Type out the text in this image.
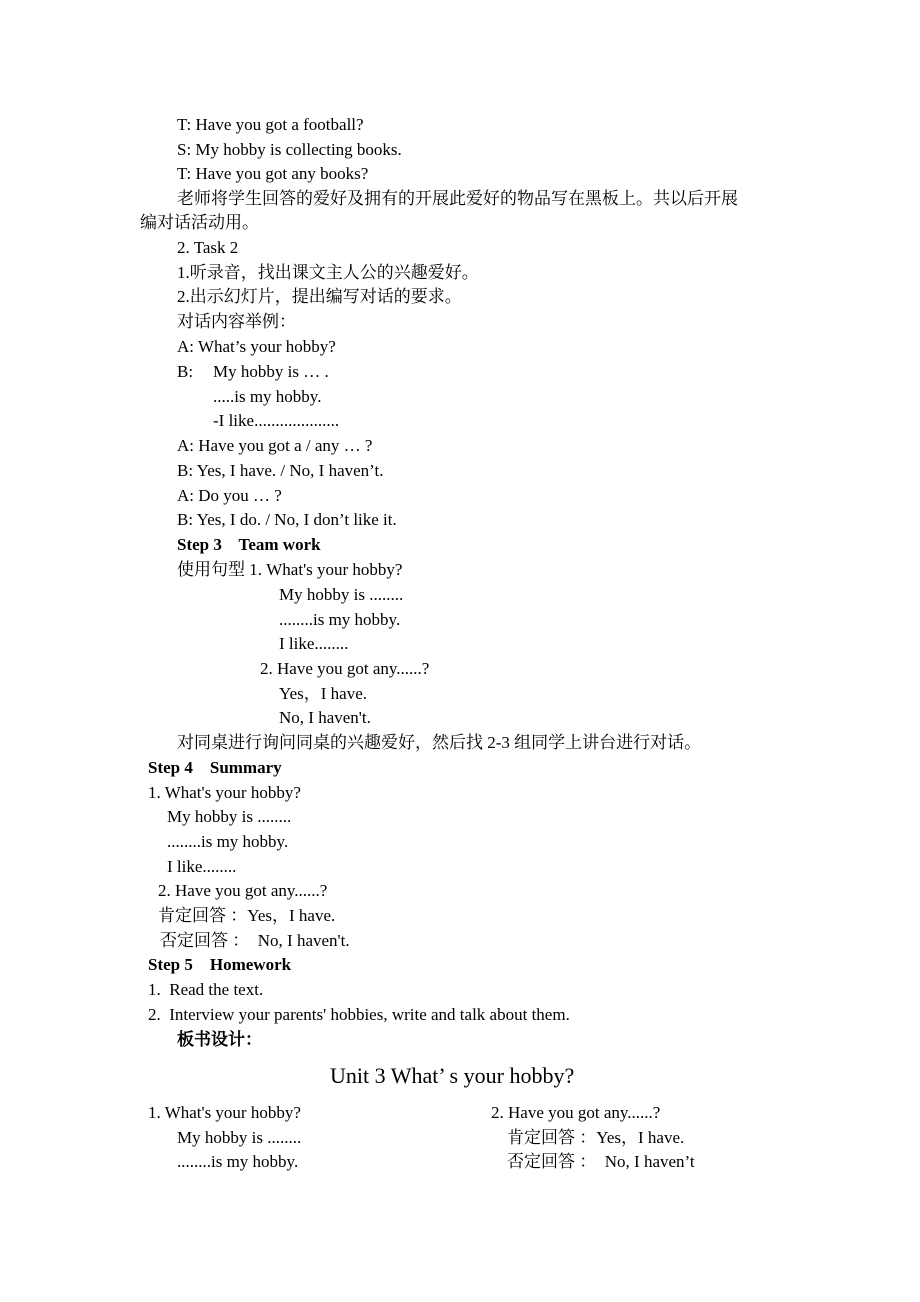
T: Have you got a football?
S: My hobby is collecting books.
T: Have you got any books?
老师将学生回答的爱好及拥有的开展此爱好的物品写在黑板上。共以后开展
编对话活动用。
2. Task 2
1.听录音，找出课文主人公的兴趣爱好。
2.出示幻灯片，提出编写对话的要求。
对话内容举例：
A: What’s your hobby?
B: My hobby is … .
.....is my hobby.
-I like....................
A: Have you got a / any … ?
B: Yes, I have. / No, I haven’t.
A: Do you … ?
B: Yes, I do. / No, I don’t like it.
Step 3    Team work
使用句型 1. What's your hobby?
My hobby is ........
........is my hobby.
I like........
2. Have you got any......?
Yes，I have.
No, I haven't.
对同桌进行询问同桌的兴趣爱好，然后找 2-3 组同学上讲台进行对话。
Step 4    Summary
1. What's your hobby?
My hobby is ........
........is my hobby.
I like........
2. Have you got any......?
肯定回答 ：Yes，I have.
否定回答 ：  No, I haven't.
Step 5    Homework
1.  Read the text.
2.  Interview your parents' hobbies, write and talk about them.
板书设计：
Unit 3 What’ s your hobby?
1. What's your hobby?
My hobby is ........
........is my hobby.
2. Have you got any......?
肯定回答 ：Yes，I have.
否定回答 ：  No, I haven’t
